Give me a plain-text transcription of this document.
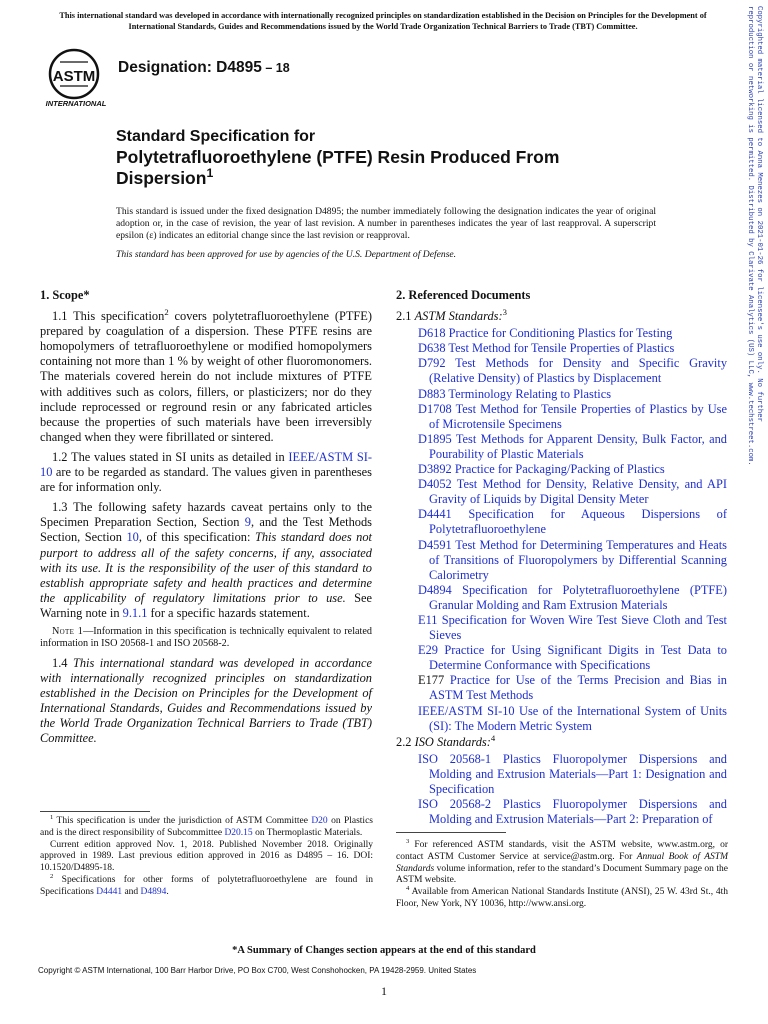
This international standard was developed in accordance with internationally recognized principles on standardization established in the Decision on Principles for the Development of International Standards, Guides and Recommendations issued by the World Trade Organization Technical Barriers to Trade (TBT) Committee.	Copyrighted material licensed to Anna Menezes on 2021-01-26 for licensee's use only. No further reproduction or networking is permitted. Distributed by Clarivate Analytics (US) LLC, www.techstreet.com.
ASTM
INTERNATIONAL
Designation: D4895 – 18
Standard Specification for
Polytetrafluoroethylene (PTFE) Resin Produced From
Dispersion$^1$

This standard is issued under the fixed designation D4895; the number immediately following the designation indicates the year of original adoption or, in the case of revision, the year of last revision. A number in parentheses indicates the year of last reapproval. A superscript epsilon (ε) indicates an editorial change since the last revision or reapproval.

This standard has been approved for use by agencies of the U.S. Department of Defense.

1. Scope*

1.1 This specification$^2$ covers polytetrafluoroethylene (PTFE) prepared by coagulation of a dispersion. These PTFE resins are homopolymers of tetrafluoroethylene or modified homopolymers containing not more than 1 % by weight of other fluoromonomers. The materials covered herein do not include mixtures of PTFE with additives such as colors, fillers, or plasticizers; nor do they include reprocessed or reground resin or any fabricated articles because the properties of such materials have been irreversibly changed when they were fibrillated or sintered.

1.2 The values stated in SI units as detailed in IEEE/ASTM SI-10 are to be regarded as standard. The values given in parentheses are for information only.

1.3 The following safety hazards caveat pertains only to the Specimen Preparation Section, Section 9, and the Test Methods Section, Section 10, of this specification: This standard does not purport to address all of the safety concerns, if any, associated with its use. It is the responsibility of the user of this standard to establish appropriate safety and health practices and determine the applicability of regulatory limitations prior to use. See Warning note in 9.1.1 for a specific hazards statement.

Note 1—Information in this specification is technically equivalent to related information in ISO 20568-1 and ISO 20568-2.

1.4 This international standard was developed in accordance with internationally recognized principles on standardization established in the Decision on Principles for the Development of International Standards, Guides and Recommendations issued by the World Trade Organization Technical Barriers to Trade (TBT) Committee.

2. Referenced Documents

2.1 ASTM Standards:$^3$

D618 Practice for Conditioning Plastics for Testing

D638 Test Method for Tensile Properties of Plastics

D792 Test Methods for Density and Specific Gravity (Relative Density) of Plastics by Displacement

D883 Terminology Relating to Plastics

D1708 Test Method for Tensile Properties of Plastics by Use of Microtensile Specimens

D1895 Test Methods for Apparent Density, Bulk Factor, and Pourability of Plastic Materials

D3892 Practice for Packaging/Packing of Plastics

D4052 Test Method for Density, Relative Density, and API Gravity of Liquids by Digital Density Meter

D4441 Specification for Aqueous Dispersions of Polytetrafluoroethylene

D4591 Test Method for Determining Temperatures and Heats of Transitions of Fluoropolymers by Differential Scanning Calorimetry

D4894 Specification for Polytetrafluoroethylene (PTFE) Granular Molding and Ram Extrusion Materials

E11 Specification for Woven Wire Test Sieve Cloth and Test Sieves

E29 Practice for Using Significant Digits in Test Data to Determine Conformance with Specifications

E177 Practice for Use of the Terms Precision and Bias in ASTM Test Methods

IEEE/ASTM SI-10 Use of the International System of Units (SI): The Modern Metric System

2.2 ISO Standards:$^4$

ISO 20568-1 Plastics Fluoropolymer Dispersions and Molding and Extrusion Materials—Part 1: Designation and Specification

ISO 20568-2 Plastics Fluoropolymer Dispersions and Molding and Extrusion Materials—Part 2: Preparation of

$^1$ This specification is under the jurisdiction of ASTM Committee D20 on Plastics and is the direct responsibility of Subcommittee D20.15 on Thermoplastic Materials.

Current edition approved Nov. 1, 2018. Published November 2018. Originally approved in 1989. Last previous edition approved in 2016 as D4895 – 16. DOI: 10.1520/D4895-18.

$^2$ Specifications for other forms of polytetrafluoroethylene are found in Specifications D4441 and D4894.

$^3$ For referenced ASTM standards, visit the ASTM website, www.astm.org, or contact ASTM Customer Service at service@astm.org. For Annual Book of ASTM Standards volume information, refer to the standard’s Document Summary page on the ASTM website.

$^4$ Available from American National Standards Institute (ANSI), 25 W. 43rd St., 4th Floor, New York, NY 10036, http://www.ansi.org.

*A Summary of Changes section appears at the end of this standard
Copyright © ASTM International, 100 Barr Harbor Drive, PO Box C700, West Conshohocken, PA 19428-2959. United States
1
